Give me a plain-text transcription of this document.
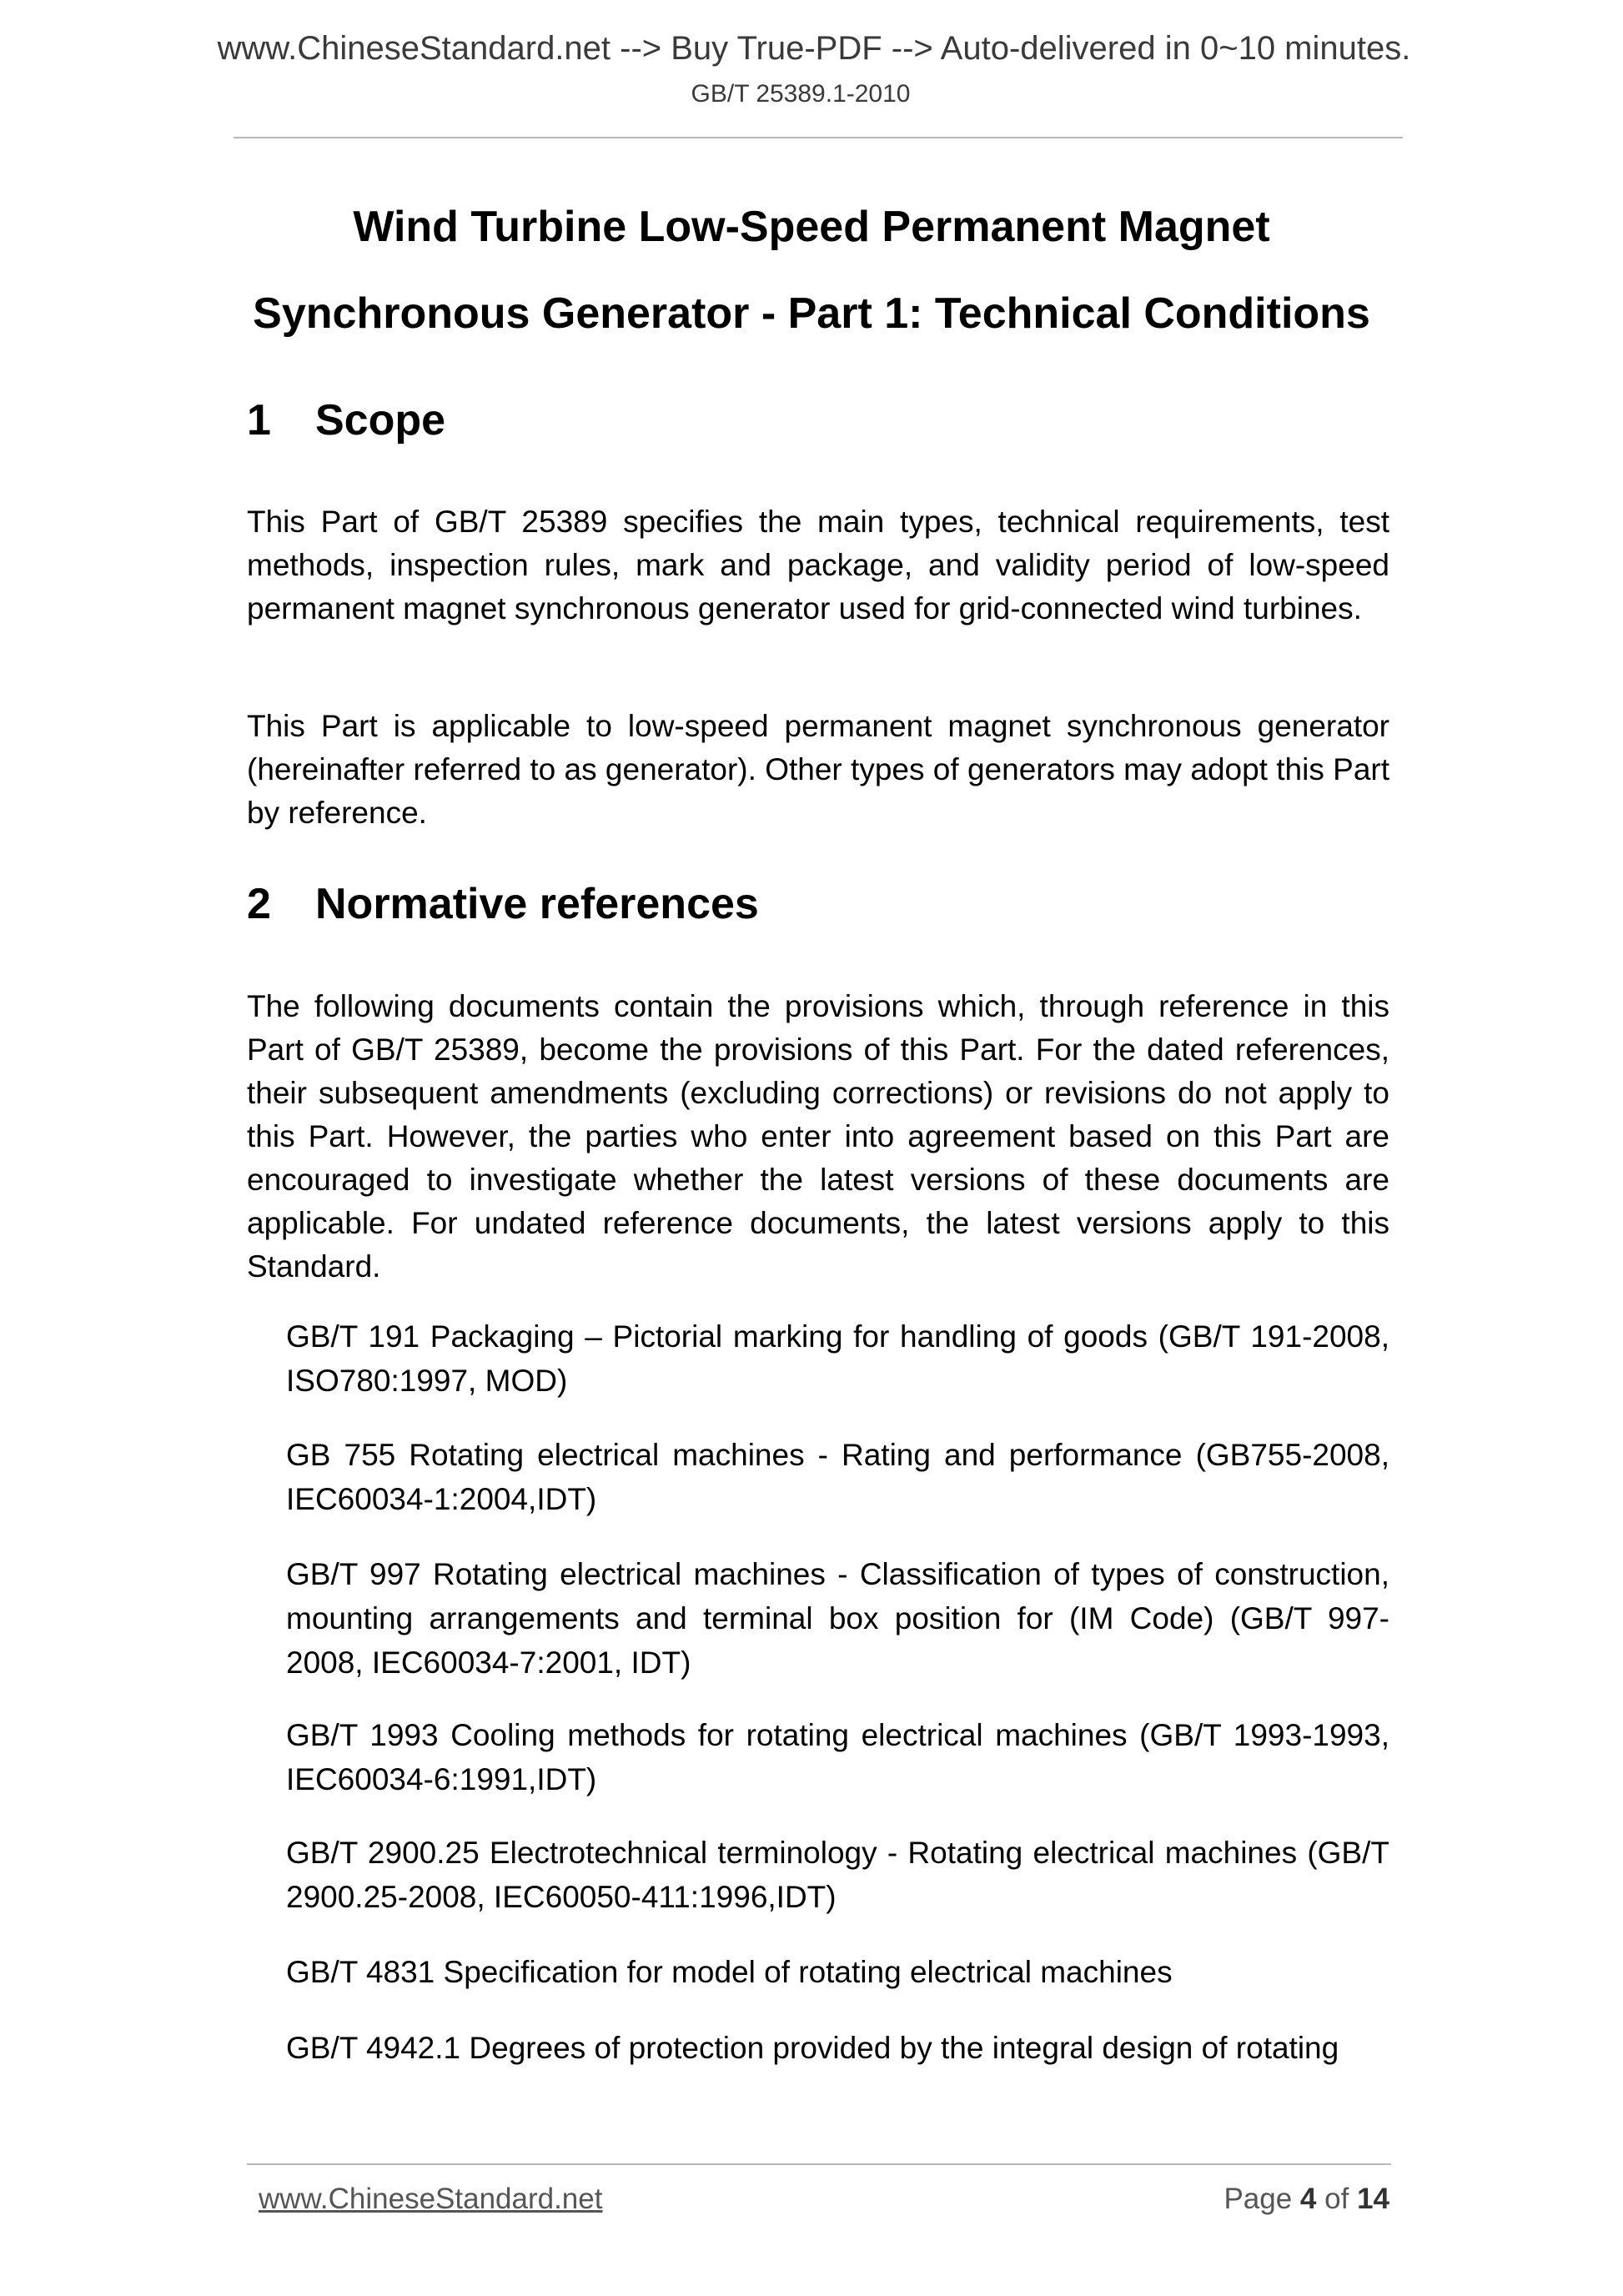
www.ChineseStandard.net --> Buy True-PDF --> Auto-delivered in 0~10 minutes.
GB/T 25389.1-2010
Wind Turbine Low-Speed Permanent Magnet
Synchronous Generator - Part 1: Technical Conditions
1 Scope
This Part of GB/T 25389 specifies the main types, technical requirements, test methods, inspection rules, mark and package, and validity period of low-speed permanent magnet synchronous generator used for grid-connected wind turbines.
This Part is applicable to low-speed permanent magnet synchronous generator (hereinafter referred to as generator). Other types of generators may adopt this Part by reference.
2 Normative references
The following documents contain the provisions which, through reference in this Part of GB/T 25389, become the provisions of this Part. For the dated references, their subsequent amendments (excluding corrections) or revisions do not apply to this Part. However, the parties who enter into agreement based on this Part are encouraged to investigate whether the latest versions of these documents are applicable. For undated reference documents, the latest versions apply to this Standard.
GB/T 191 Packaging – Pictorial marking for handling of goods (GB/T 191-2008, ISO780:1997, MOD)
GB 755 Rotating electrical machines - Rating and performance (GB755-2008, IEC60034-1:2004,IDT)
GB/T 997 Rotating electrical machines - Classification of types of construction, mounting arrangements and terminal box position for (IM Code) (GB/T 997-2008, IEC60034-7:2001, IDT)
GB/T 1993 Cooling methods for rotating electrical machines (GB/T 1993-1993, IEC60034-6:1991,IDT)
GB/T 2900.25 Electrotechnical terminology - Rotating electrical machines (GB/T 2900.25-2008, IEC60050-411:1996,IDT)
GB/T 4831 Specification for model of rotating electrical machines
GB/T 4942.1 Degrees of protection provided by the integral design of rotating
www.ChineseStandard.net	Page 4 of 14
